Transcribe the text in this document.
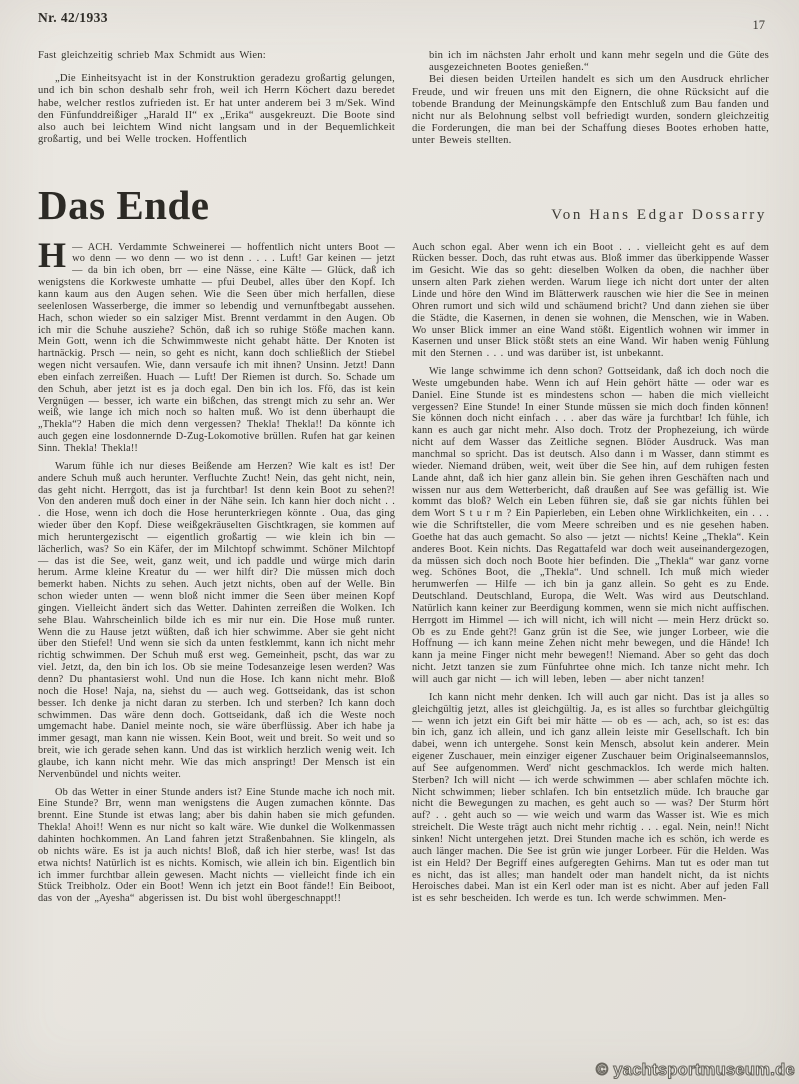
Nr. 42/1933	17

Fast gleichzeitig schrieb Max Schmidt aus Wien:

„Die Einheitsyacht ist in der Konstruktion geradezu großartig gelungen, und ich bin schon deshalb sehr froh, weil ich Herrn Köchert dazu beredet habe, welcher restlos zufrieden ist. Er hat unter anderem bei 3 m/Sek. Wind den Fünfunddreißiger „Harald II“ ex „Erika“ ausgekreuzt. Die Boote sind also auch bei leichtem Wind nicht langsam und in der Bequemlichkeit großartig, und bei Welle trocken. Hoffentlich

bin ich im nächsten Jahr erholt und kann mehr segeln und die Güte des ausgezeichneten Bootes genießen.“

Bei diesen beiden Urteilen handelt es sich um den Ausdruck ehrlicher Freude, und wir freuen uns mit den Eignern, die ohne Rücksicht auf die tobende Brandung der Meinungskämpfe den Entschluß zum Bau fanden und nicht nur als Belohnung selbst voll befriedigt wurden, sondern gleichzeitig die Forderungen, die man bei der Schaffung dieses Bootes erhoben hatte, unter Beweis stellten.

Das Ende	Von Hans Edgar Dossarry

H — ACH. Verdammte Schweinerei — hoffentlich nicht unters Boot — wo denn — wo denn — wo ist denn . . . . Luft! Gar keinen — jetzt — da bin ich oben, brr — eine Nässe, eine Kälte — Glück, daß ich wenigstens die Korkweste umhatte — pfui Deubel, alles über den Kopf. Ich kann kaum aus den Augen sehen. Wie die Seen über mich herfallen, diese seelenlosen Wasserberge, die immer so lebendig und vernunftbegabt aussehen. Hach, schon wieder so ein salziger Mist. Brennt verdammt in den Augen. Ob ich mir die Schuhe ausziehe? Schön, daß ich so ruhige Stöße machen kann. Mein Gott, wenn ich die Schwimmweste nicht gehabt hätte. Der Knoten ist hartnäckig. Prsch — nein, so geht es nicht, kann doch schließlich der Stiebel wegen nicht versaufen. Wie, dann versaufe ich mit ihnen? Unsinn. Jetzt! Dann eben einfach zerreißen. Huach — Luft! Der Riemen ist durch. So. Schade um den Schuh, aber jetzt ist es ja doch egal. Den bin ich los. Ffö, das ist kein Vergnügen — besser, ich warte ein bißchen, das strengt mich zu sehr an. Wer weiß, wie lange ich mich noch so halten muß. Wo ist denn überhaupt die „Thekla“? Haben die mich denn vergessen? Thekla! Thekla!! Da könnte ich auch gegen eine losdonnernde D-Zug-Lokomotive brüllen. Rufen hat gar keinen Sinn. Thekla! Thekla!!

Warum fühle ich nur dieses Beißende am Herzen? Wie kalt es ist! Der andere Schuh muß auch herunter. Verfluchte Zucht! Nein, das geht nicht, nein, das geht nicht. Herrgott, das ist ja furchtbar! Ist denn kein Boot zu sehen?! Von den anderen muß doch einer in der Nähe sein. Ich kann hier doch nicht . . . die Hose, wenn ich doch die Hose herunterkriegen könnte . Oua, das ging wieder über den Kopf. Diese weißgekräuselten Gischtkragen, sie kommen auf mich heruntergezischt — eigentlich großartig — wie klein ich bin — lächerlich, was? So ein Käfer, der im Milchtopf schwimmt. Schöner Milchtopf — das ist die See, weit, ganz weit, und ich paddle und würge mich darin herum. Arme kleine Kreatur du — wer hilft dir? Die müssen mich doch bemerkt haben. Nichts zu sehen. Auch jetzt nichts, oben auf der Welle. Bin schon wieder unten — wenn bloß nicht immer die Seen über meinen Kopf gingen. Vielleicht ändert sich das Wetter. Dahinten zerreißen die Wolken. Ich sehe Blau. Wahrscheinlich bilde ich es mir nur ein. Die Hose muß runter. Wenn die zu Hause jetzt wüßten, daß ich hier schwimme. Aber sie geht nicht über den Stiefel! Und wenn sie sich da unten festklemmt, kann ich nicht mehr richtig schwimmen. Der Schuh muß erst weg. Gemeinheit, pscht, das war zu viel. Jetzt, da, den bin ich los. Ob sie meine Todesanzeige lesen werden? Was denn? Du phantasierst wohl. Und nun die Hose. Ich kann nicht mehr. Bloß noch die Hose! Naja, na, siehst du — auch weg. Gottseidank, das ist schon besser. Ich denke ja nicht daran zu sterben. Ich und sterben? Ich kann doch schwimmen. Das wäre denn doch. Gottseidank, daß ich die Weste noch umgemacht habe. Daniel meinte noch, sie wäre überflüssig. Aber ich habe ja immer gesagt, man kann nie wissen. Kein Boot, weit und breit. So weit und so breit, wie ich gerade sehen kann. Und das ist wirklich herzlich wenig weit. Ich glaube, ich kann nicht mehr. Wie das mich anspringt! Der Mensch ist ein Nervenbündel und nichts weiter.

Ob das Wetter in einer Stunde anders ist? Eine Stunde mache ich noch mit. Eine Stunde? Brr, wenn man wenigstens die Augen zumachen könnte. Das brennt. Eine Stunde ist etwas lang; aber bis dahin haben sie mich gefunden. Thekla! Ahoi!! Wenn es nur nicht so kalt wäre. Wie dunkel die Wolkenmassen dahinten hochkommen. An Land fahren jetzt Straßenbahnen. Sie klingeln, als ob nichts wäre. Es ist ja auch nichts! Bloß, daß ich hier sterbe, was! Ist das etwa nichts! Natürlich ist es nichts. Komisch, wie allein ich bin. Eigentlich bin ich immer furchtbar allein gewesen. Macht nichts — vielleicht finde ich ein Stück Treibholz. Oder ein Boot! Wenn ich jetzt ein Boot fände!! Ein Beiboot, das von der „Ayesha“ abgerissen ist. Du bist wohl übergeschnappt!!

Auch schon egal. Aber wenn ich ein Boot . . . vielleicht geht es auf dem Rücken besser. Doch, das ruht etwas aus. Bloß immer das überkippende Wasser im Gesicht. Wie das so geht: dieselben Wolken da oben, die nachher über unsern alten Park ziehen werden. Warum liege ich nicht dort unter der alten Linde und höre den Wind im Blätterwerk rauschen wie hier die See in meinen Ohren rumort und sich wild und schäumend bricht? Und dann ziehen sie über die Städte, die Kasernen, in denen sie wohnen, die Menschen, wie in Waben. Wo unser Blick immer an eine Wand stößt. Eigentlich wohnen wir immer in Kasernen und unser Blick stößt stets an eine Wand. Wir haben wenig Fühlung mit den Sternen . . . und was darüber ist, ist unbekannt.

Wie lange schwimme ich denn schon? Gottseidank, daß ich doch noch die Weste umgebunden habe. Wenn ich auf Hein gehört hätte — oder war es Daniel. Eine Stunde ist es mindestens schon — haben die mich vielleicht vergessen? Eine Stunde! In einer Stunde müssen sie mich doch finden können! Sie können doch nicht einfach . . . aber das wäre ja furchtbar! Ich fühle, ich kann es auch gar nicht mehr. Also doch. Trotz der Prophezeiung, ich würde nicht auf dem Wasser das Zeitliche segnen. Blöder Ausdruck. Was man manchmal so spricht. Das ist deutsch. Also dann i m Wasser, dann stimmt es wieder. Niemand drüben, weit, weit über die See hin, auf dem ruhigen festen Lande ahnt, daß ich hier ganz allein bin. Sie gehen ihren Geschäften nach und wissen nur aus dem Wetterbericht, daß draußen auf See was gefällig ist. Wie kommt das bloß? Welch ein Leben führen sie, daß sie gar nichts fühlen bei dem Wort S t u r m ? Ein Papierleben, ein Leben ohne Wirklichkeiten, ein . . . wie die Schriftsteller, die vom Meere schreiben und es nie gesehen haben. Goethe hat das auch gemacht. So also — jetzt — nichts! Keine „Thekla“. Kein anderes Boot. Kein nichts. Das Regattafeld war doch weit auseinandergezogen, da müssen sich doch noch Boote hier befinden. Die „Thekla“ war ganz vorne weg. Schönes Boot, die „Thekla“. Und schnell. Ich muß mich wieder herumwerfen — Hilfe — ich bin ja ganz allein. So geht es zu Ende. Deutschland. Deutschland, Europa, die Welt. Was wird aus Deutschland. Natürlich kann keiner zur Beerdigung kommen, wenn sie mich nicht auffischen. Herrgott im Himmel — ich will nicht, ich will nicht — mein Herz drückt so. Ob es zu Ende geht?! Ganz grün ist die See, wie junger Lorbeer, wie die Hoffnung — ich kann meine Zehen nicht mehr bewegen, und die Hände! Ich kann ja meine Finger nicht mehr bewegen!! Niemand. Aber so geht das doch nicht. Jetzt tanzen sie zum Fünfuhrtee ohne mich. Ich tanze nicht mehr. Ich will auch gar nicht — ich will leben, leben — aber nicht tanzen!

Ich kann nicht mehr denken. Ich will auch gar nicht. Das ist ja alles so gleichgültig jetzt, alles ist gleichgültig. Ja, es ist alles so furchtbar gleichgültig — wenn ich jetzt ein Gift bei mir hätte — ob es — ach, ach, so ist es: das bin ich, ganz ich allein, und ich ganz allein leiste mir Gesellschaft. Ich bin dabei, wenn ich untergehe. Sonst kein Mensch, absolut kein anderer. Mein eigener Zuschauer, mein einziger eigener Zuschauer beim Originalseemannslos, auf See aufgenommen. Werd' nicht geschmacklos. Ich werde mich halten. Sterben? Ich will nicht — ich werde schwimmen — aber schlafen möchte ich. Nicht schwimmen; lieber schlafen. Ich bin entsetzlich müde. Ich brauche gar nicht die Bewegungen zu machen, es geht auch so — was? Der Sturm hört auf? . . geht auch so — wie weich und warm das Wasser ist. Wie es mich streichelt. Die Weste trägt auch nicht mehr richtig . . . egal. Nein, nein!! Nicht sinken! Nicht untergehen jetzt. Drei Stunden mache ich es schön, ich werde es auch länger machen. Die See ist grün wie junger Lorbeer. Für die Helden. Was ist ein Held? Der Begriff eines aufgeregten Gehirns. Man tut es oder man tut es nicht, das ist alles; man handelt oder man handelt nicht, da ist nichts Heroisches dabei. Man ist ein Kerl oder man ist es nicht. Aber auf jeden Fall ist es sehr bescheiden. Ich werde es tun. Ich werde schwimmen. Men-

© yachtsportmuseum.de
